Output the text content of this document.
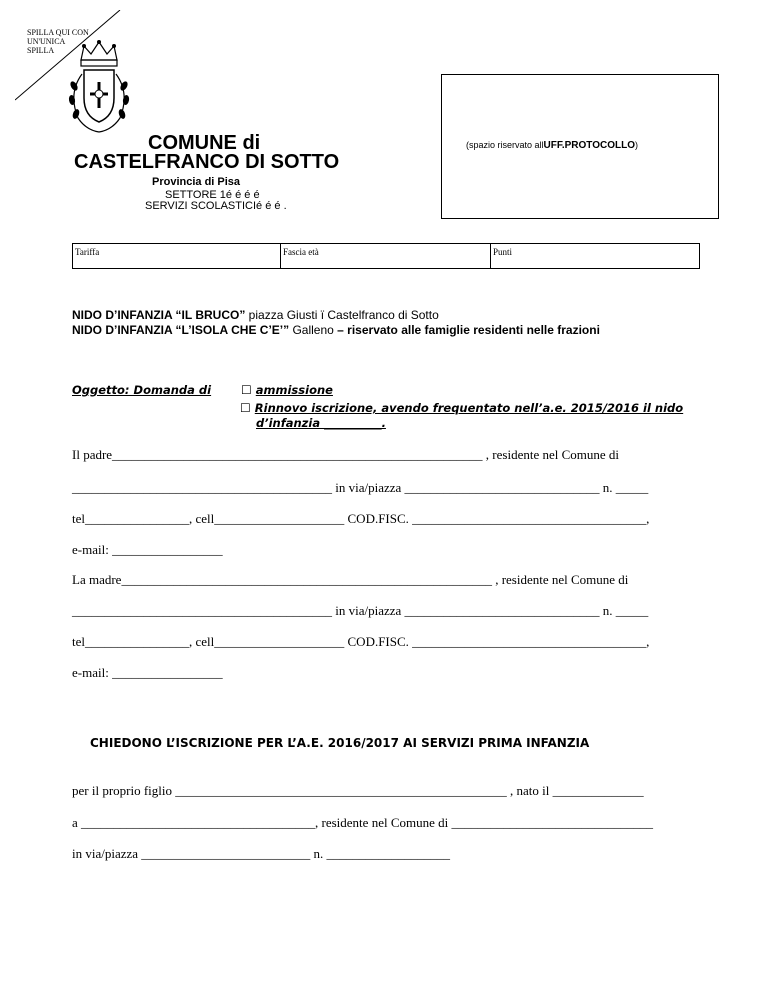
SPILLA QUI CON
UN'UNICA
SPILLA
COMUNE di
CASTELFRANCO DI SOTTO
Provincia di Pisa
SETTORE 1é é é é
SERVIZI SCOLASTICIé é é .
(spazio riservato allUFF.PROTOCOLLO)
Tariffa	Fascia età	Punti
NIDO D’INFANZIA “IL BRUCO” piazza Giusti ï Castelfranco di Sotto
NIDO D’INFANZIA “L’ISOLA CHE C’E’” Galleno – riservato alle famiglie residenti nelle frazioni
Oggetto: Domanda di ☐ ammissione
☐ Rinnovo iscrizione, avendo frequentato nell’a.e. 2015/2016 il nido
d’infanzia __________.
Il padre_________________________________________________________ , residente nel Comune di
________________________________________ in via/piazza ______________________________ n. _____
tel________________, cell____________________ COD.FISC. ____________________________________,
e-mail: _________________
La madre_________________________________________________________ , residente nel Comune di
________________________________________ in via/piazza ______________________________ n. _____
tel________________, cell____________________ COD.FISC. ____________________________________,
e-mail: _________________
CHIEDONO L’ISCRIZIONE PER L’A.E. 2016/2017 AI SERVIZI PRIMA INFANZIA
per il proprio figlio ___________________________________________________ , nato il ______________
a ____________________________________, residente nel Comune di _______________________________
in via/piazza __________________________ n. ___________________
